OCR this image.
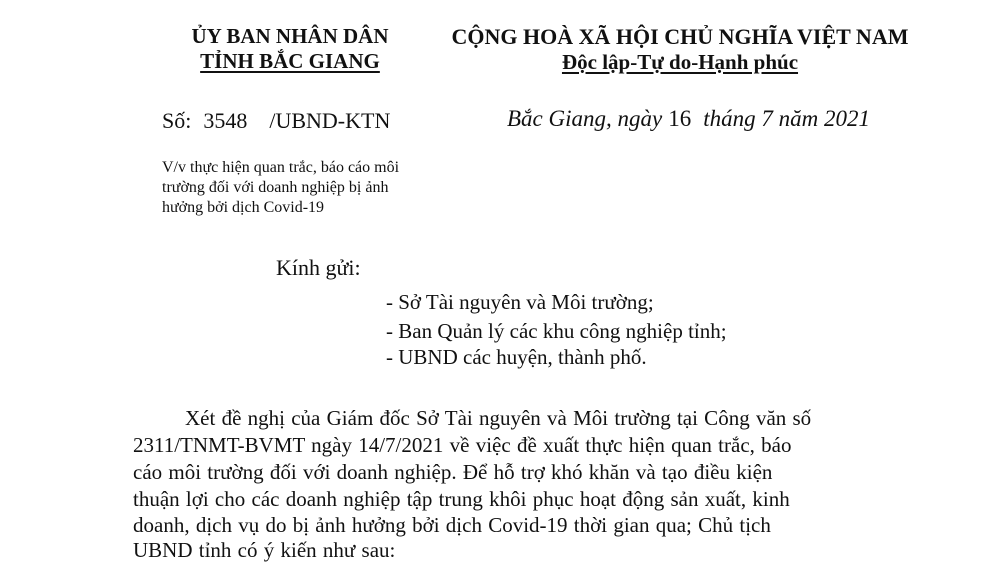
ỦY BAN NHÂN DÂN
TỈNH BẮC GIANG
CỘNG HOÀ XÃ HỘI CHỦ NGHĨA VIỆT NAM
Độc lập-Tự do-Hạnh phúc
Số: 3548 /UBND-KTN	Bắc Giang, ngày 16 tháng 7 năm 2021
V/v thực hiện quan trắc, báo cáo môi
trường đối với doanh nghiệp bị ảnh
hưởng bởi dịch Covid-19
Kính gửi:
- Sở Tài nguyên và Môi trường;
- Ban Quản lý các khu công nghiệp tỉnh;
- UBND các huyện, thành phố.
Xét đề nghị của Giám đốc Sở Tài nguyên và Môi trường tại Công văn số
2311/TNMT-BVMT ngày 14/7/2021 về việc đề xuất thực hiện quan trắc, báo
cáo môi trường đối với doanh nghiệp. Để hỗ trợ khó khăn và tạo điều kiện
thuận lợi cho các doanh nghiệp tập trung khôi phục hoạt động sản xuất, kinh
doanh, dịch vụ do bị ảnh hưởng bởi dịch Covid-19 thời gian qua; Chủ tịch
UBND tỉnh có ý kiến như sau:
